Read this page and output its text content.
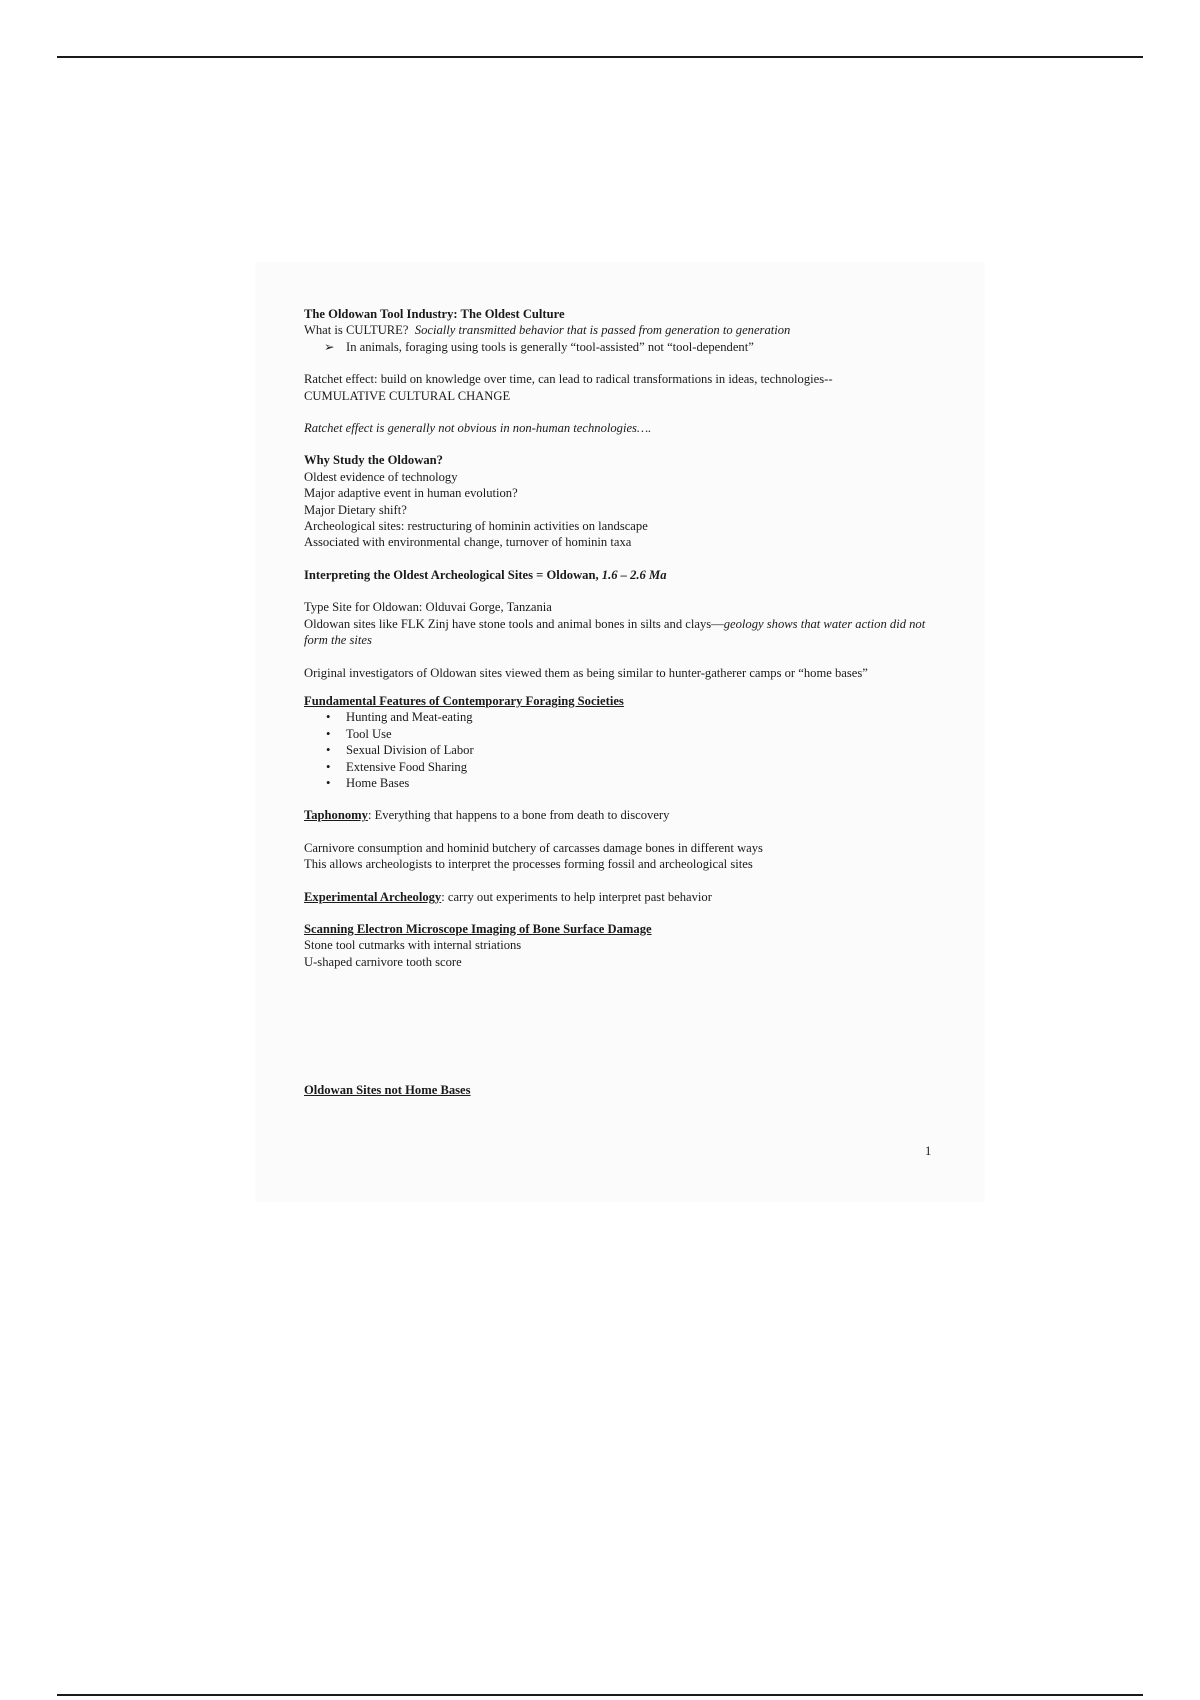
The Oldowan Tool Industry: The Oldest Culture

What is CULTURE? Socially transmitted behavior that is passed from generation to generation

➢ In animals, foraging using tools is generally “tool-assisted” not “tool-dependent”

Ratchet effect: build on knowledge over time, can lead to radical transformations in ideas, technologies--

CUMULATIVE CULTURAL CHANGE

Ratchet effect is generally not obvious in non-human technologies….

Why Study the Oldowan?

Oldest evidence of technology

Major adaptive event in human evolution?

Major Dietary shift?

Archeological sites: restructuring of hominin activities on landscape

Associated with environmental change, turnover of hominin taxa

Interpreting the Oldest Archeological Sites = Oldowan, 1.6 – 2.6 Ma

Type Site for Oldowan: Olduvai Gorge, Tanzania

Oldowan sites like FLK Zinj have stone tools and animal bones in silts and clays—geology shows that water action did not form the sites

Original investigators of Oldowan sites viewed them as being similar to hunter-gatherer camps or “home bases”

Fundamental Features of Contemporary Foraging Societies

• Hunting and Meat-eating
• Tool Use
• Sexual Division of Labor
• Extensive Food Sharing
• Home Bases

Taphonomy: Everything that happens to a bone from death to discovery

Carnivore consumption and hominid butchery of carcasses damage bones in different ways

This allows archeologists to interpret the processes forming fossil and archeological sites

Experimental Archeology: carry out experiments to help interpret past behavior

Scanning Electron Microscope Imaging of Bone Surface Damage

Stone tool cutmarks with internal striations

U-shaped carnivore tooth score

Oldowan Sites not Home Bases

1
